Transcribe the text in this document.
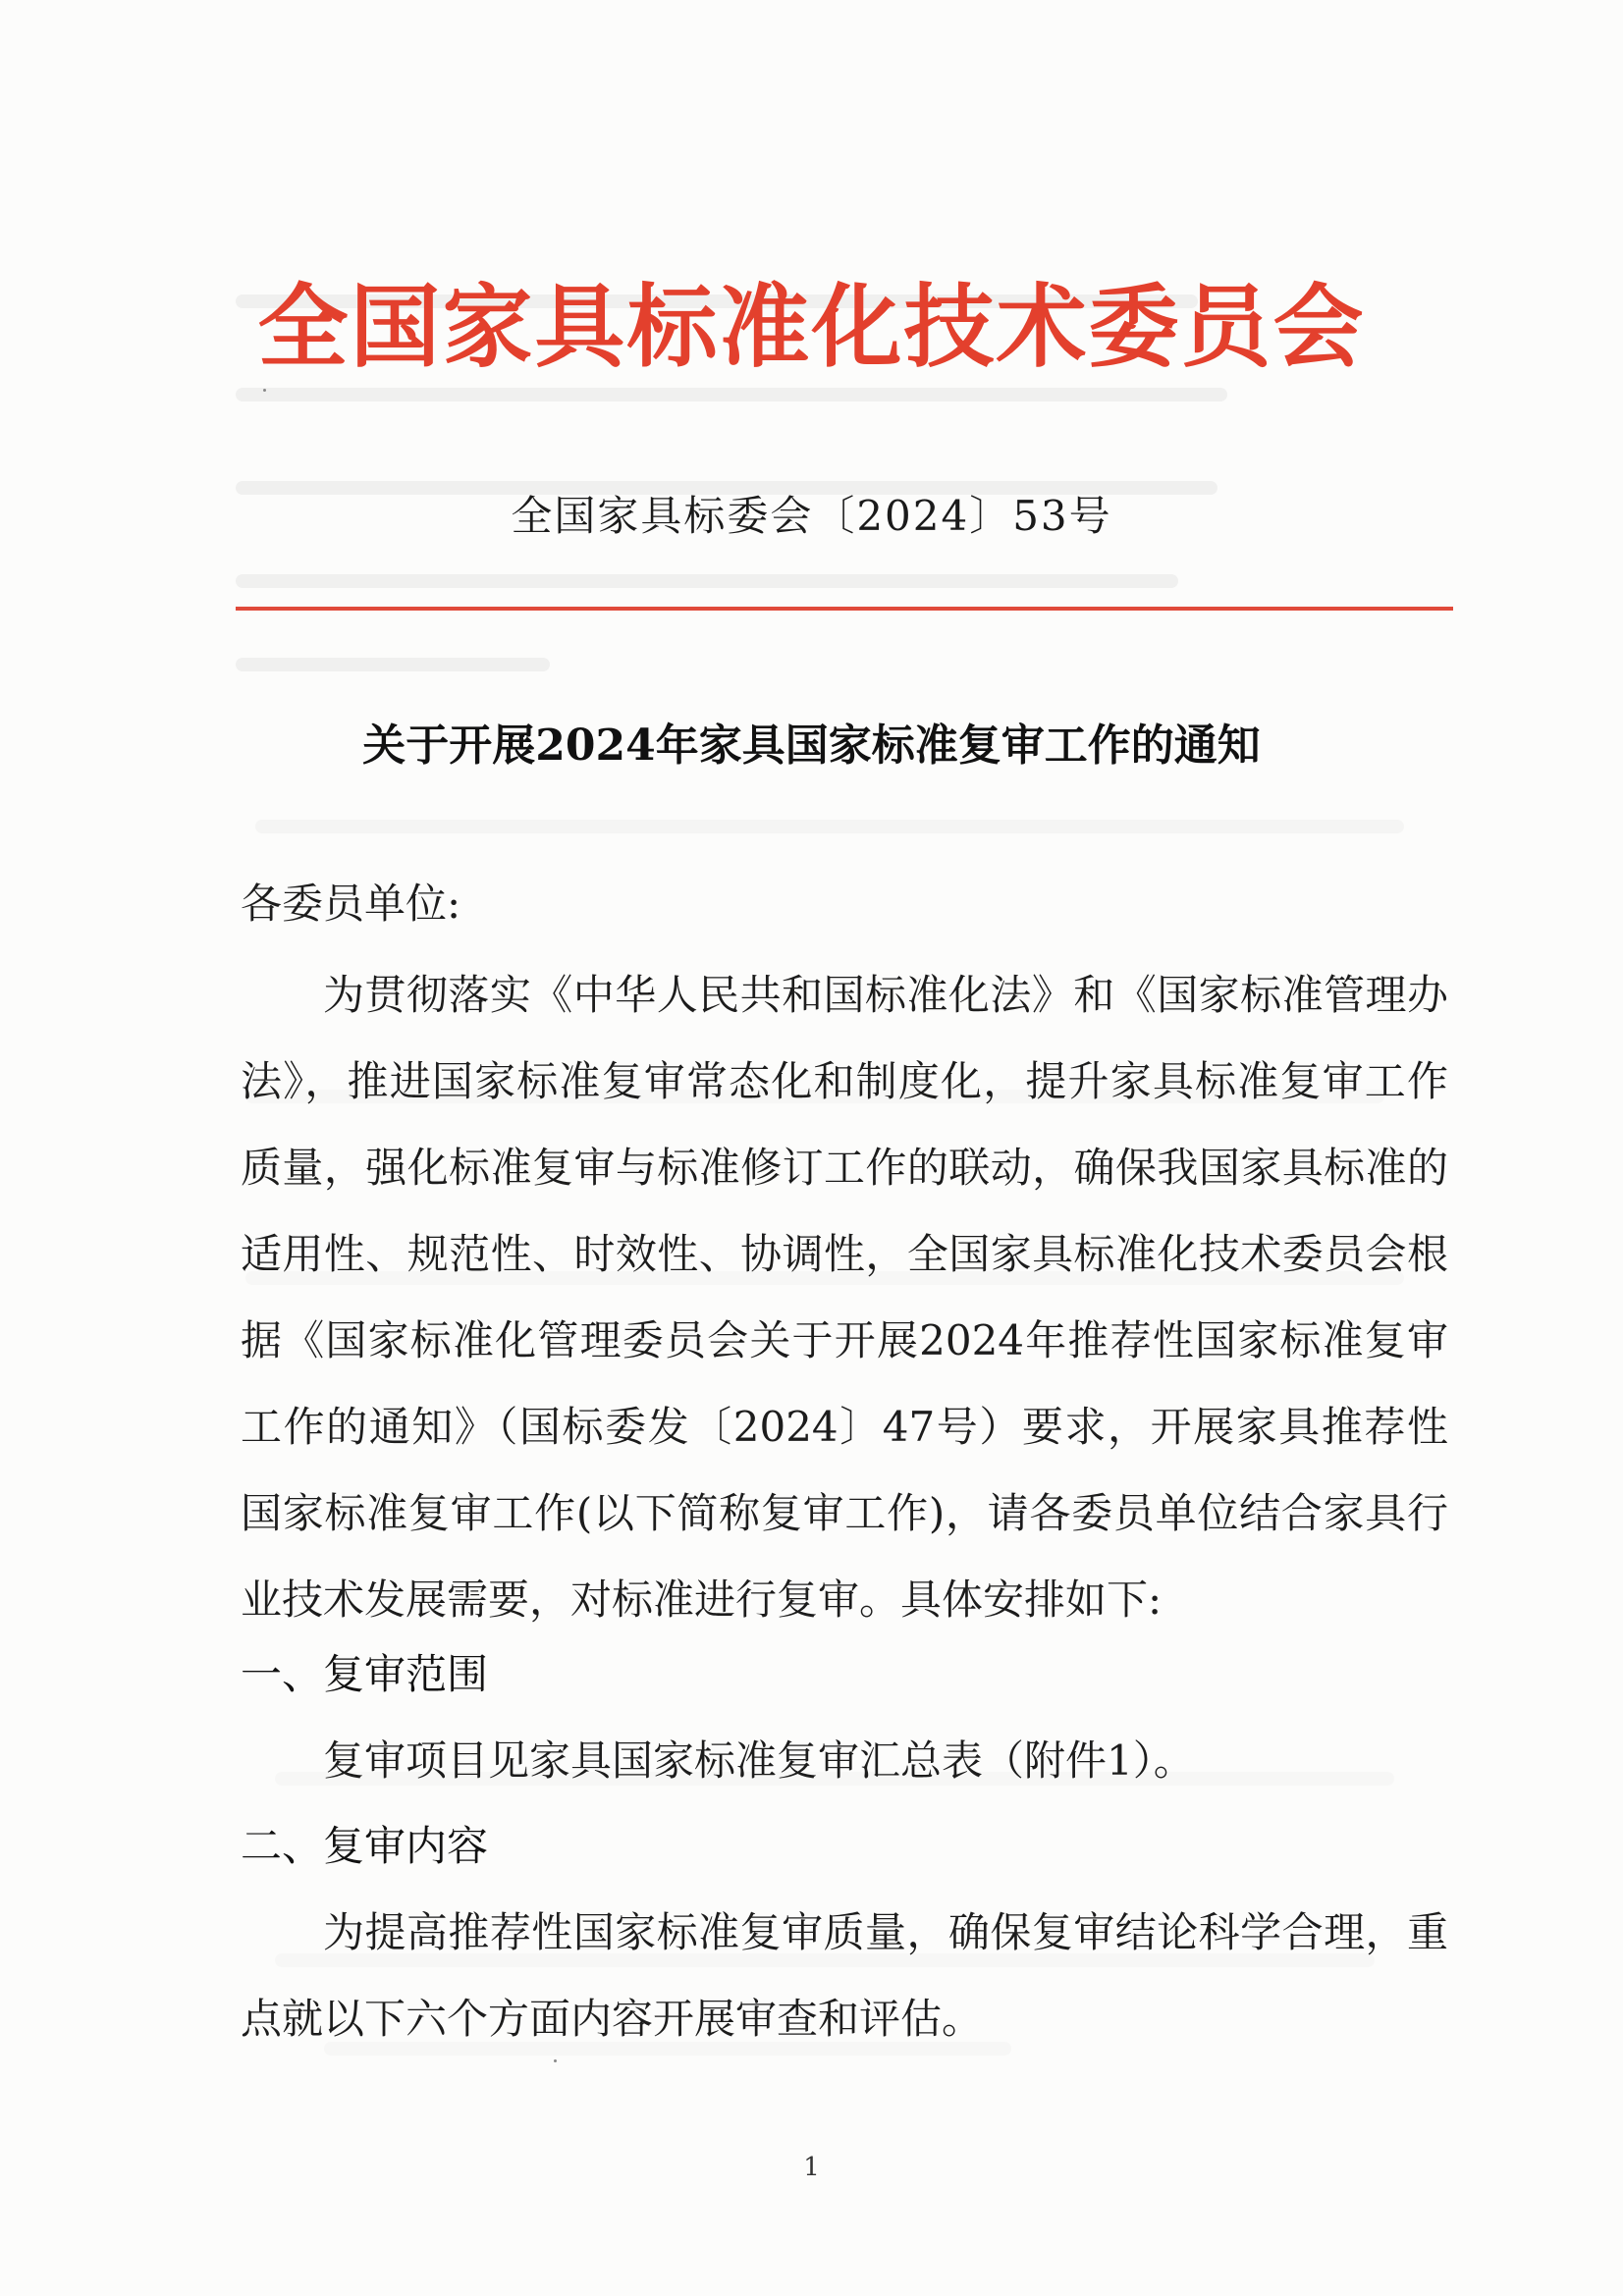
全国家具标准化技术委员会
全国家具标委会〔2024〕53号
关于开展2024年家具国家标准复审工作的通知
各委员单位:

为贯彻落实《中华人民共和国标准化法》和《国家标准管理办法》，推进国家标准复审常态化和制度化，提升家具标准复审工作质量，强化标准复审与标准修订工作的联动，确保我国家具标准的适用性、规范性、时效性、协调性，全国家具标准化技术委员会根据《国家标准化管理委员会关于开展2024年推荐性国家标准复审工作的通知》（国标委发〔2024〕47号）要求，开展家具推荐性国家标准复审工作(以下简称复审工作)，请各委员单位结合家具行业技术发展需要，对标准进行复审。具体安排如下:

一、复审范围
复审项目见家具国家标准复审汇总表（附件1）。
二、复审内容

为提高推荐性国家标准复审质量，确保复审结论科学合理，重点就以下六个方面内容开展审查和评估。

1
